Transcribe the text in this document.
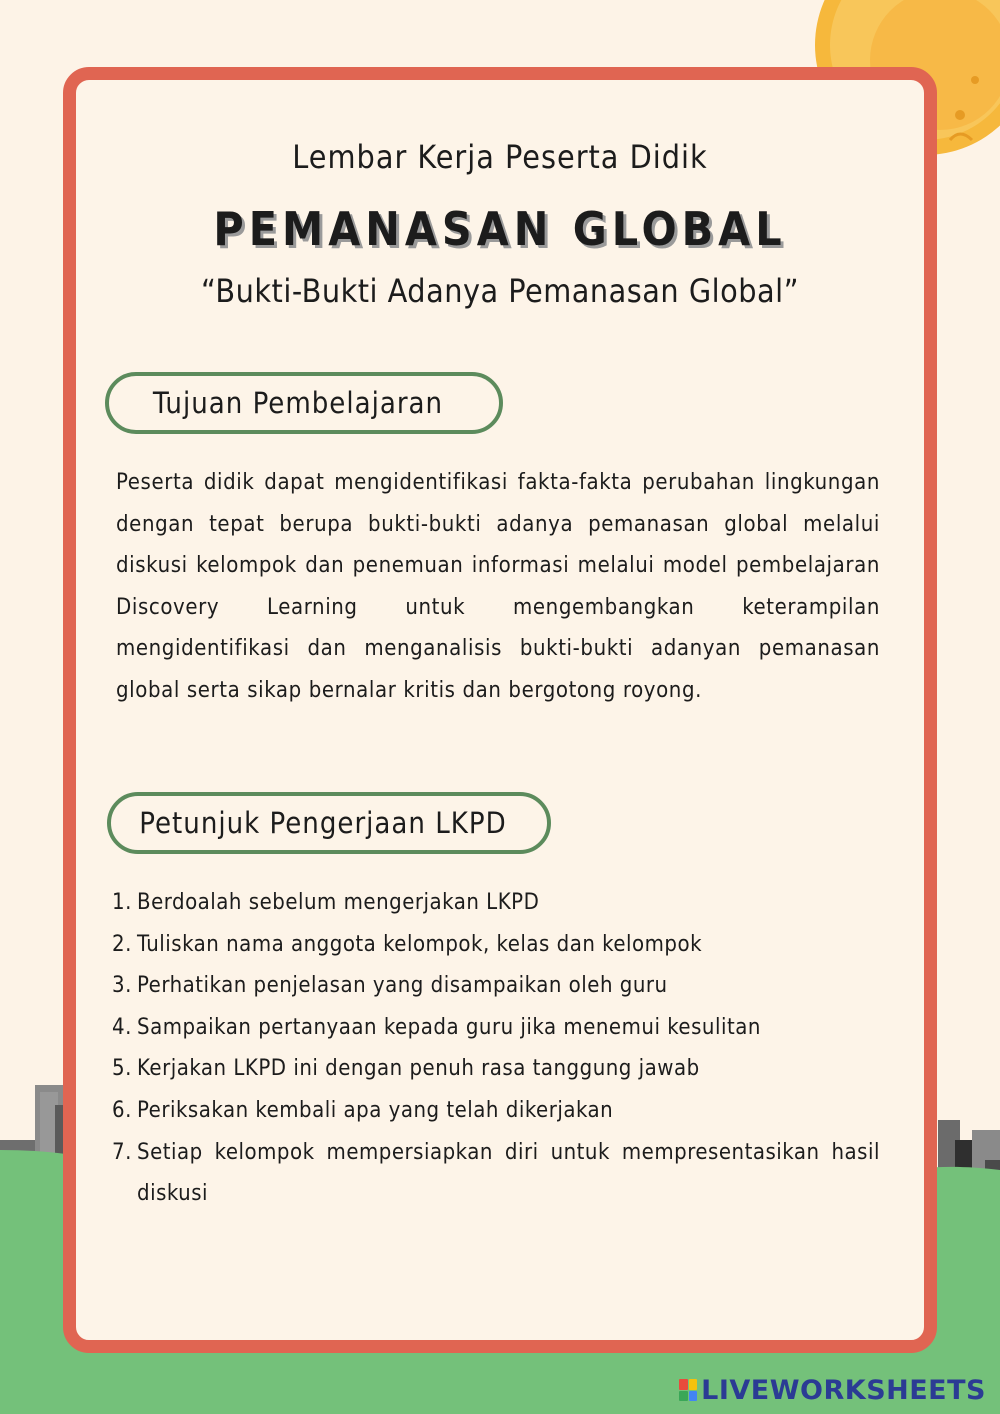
Lembar Kerja Peserta Didik
PEMANASAN GLOBAL
“Bukti-Bukti Adanya Pemanasan Global”
Tujuan Pembelajaran

Peserta didik dapat mengidentifikasi fakta-fakta perubahan lingkungan dengan tepat berupa bukti-bukti adanya pemanasan global melalui diskusi kelompok dan penemuan informasi melalui model pembelajaran Discovery Learning untuk mengembangkan keterampilan mengidentifikasi dan menganalisis bukti-bukti adanyan pemanasan global serta sikap bernalar kritis dan bergotong royong.

Petunjuk Pengerjaan LKPD
1. Berdoalah sebelum mengerjakan LKPD
2. Tuliskan nama anggota kelompok, kelas dan kelompok
3. Perhatikan penjelasan yang disampaikan oleh guru
4. Sampaikan pertanyaan kepada guru jika menemui kesulitan
5. Kerjakan LKPD ini dengan penuh rasa tanggung jawab
6. Periksakan kembali apa yang telah dikerjakan
7. Setiap kelompok mempersiapkan diri untuk mempresentasikan hasil diskusi
LIVEWORKSHEETS
